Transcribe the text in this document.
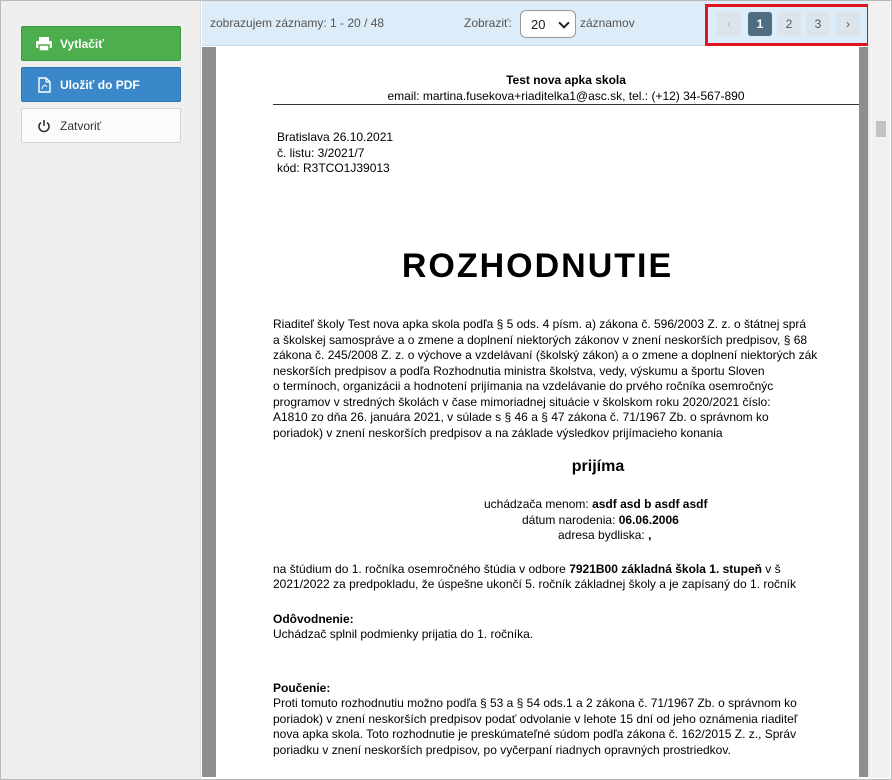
Vytlačiť
Uložiť do PDF
Zatvoriť
zobrazujem záznamy: 1 - 20 / 48	Zobraziť: 20	záznamov	‹	1	2	3	›
Test nova apka skola
email: martina.fusekova+riaditelka1@asc.sk, tel.: (+12) 34-567-890
Bratislava 26.10.2021
č. listu: 3/2021/7
kód: R3TCO1J39013
ROZHODNUTIE
Riaditeľ školy Test nova apka skola podľa § 5 ods. 4 písm. a) zákona č. 596/2003 Z. z. o štátnej sprá
a školskej samospráve a o zmene a doplnení niektorých zákonov v znení neskorších predpisov, § 68
zákona č. 245/2008 Z. z. o výchove a vzdelávaní (školský zákon) a o zmene a doplnení niektorých zák
neskorších predpisov a podľa Rozhodnutia ministra školstva, vedy, výskumu a športu Sloven
o termínoch, organizácii a hodnotení prijímania na vzdelávanie do prvého ročníka osemročnýc
programov v stredných školách v čase mimoriadnej situácie v školskom roku 2020/2021 číslo:
A1810 zo dňa 26. januára 2021, v súlade s § 46 a § 47 zákona č. 71/1967 Zb. o správnom ko
poriadok) v znení neskorších predpisov a na základe výsledkov prijímacieho konania
prijíma
uchádzača menom: asdf asd b asdf asdf
dátum narodenia: 06.06.2006
adresa bydliska: ,
na štúdium do 1. ročníka osemročného štúdia v odbore 7921B00 základná škola 1. stupeň v š
2021/2022 za predpokladu, že úspešne ukončí 5. ročník základnej školy a je zapísaný do 1. ročník
Odôvodnenie:
Uchádzač splnil podmienky prijatia do 1. ročníka.
Poučenie:
Proti tomuto rozhodnutiu možno podľa § 53 a § 54 ods.1 a 2 zákona č. 71/1967 Zb. o správnom ko
poriadok) v znení neskorších predpisov podať odvolanie v lehote 15 dní od jeho oznámenia riaditeľ
nova apka skola. Toto rozhodnutie je preskúmateľné súdom podľa zákona č. 162/2015 Z. z., Správ
poriadku v znení neskorších predpisov, po vyčerpaní riadnych opravných prostriedkov.
